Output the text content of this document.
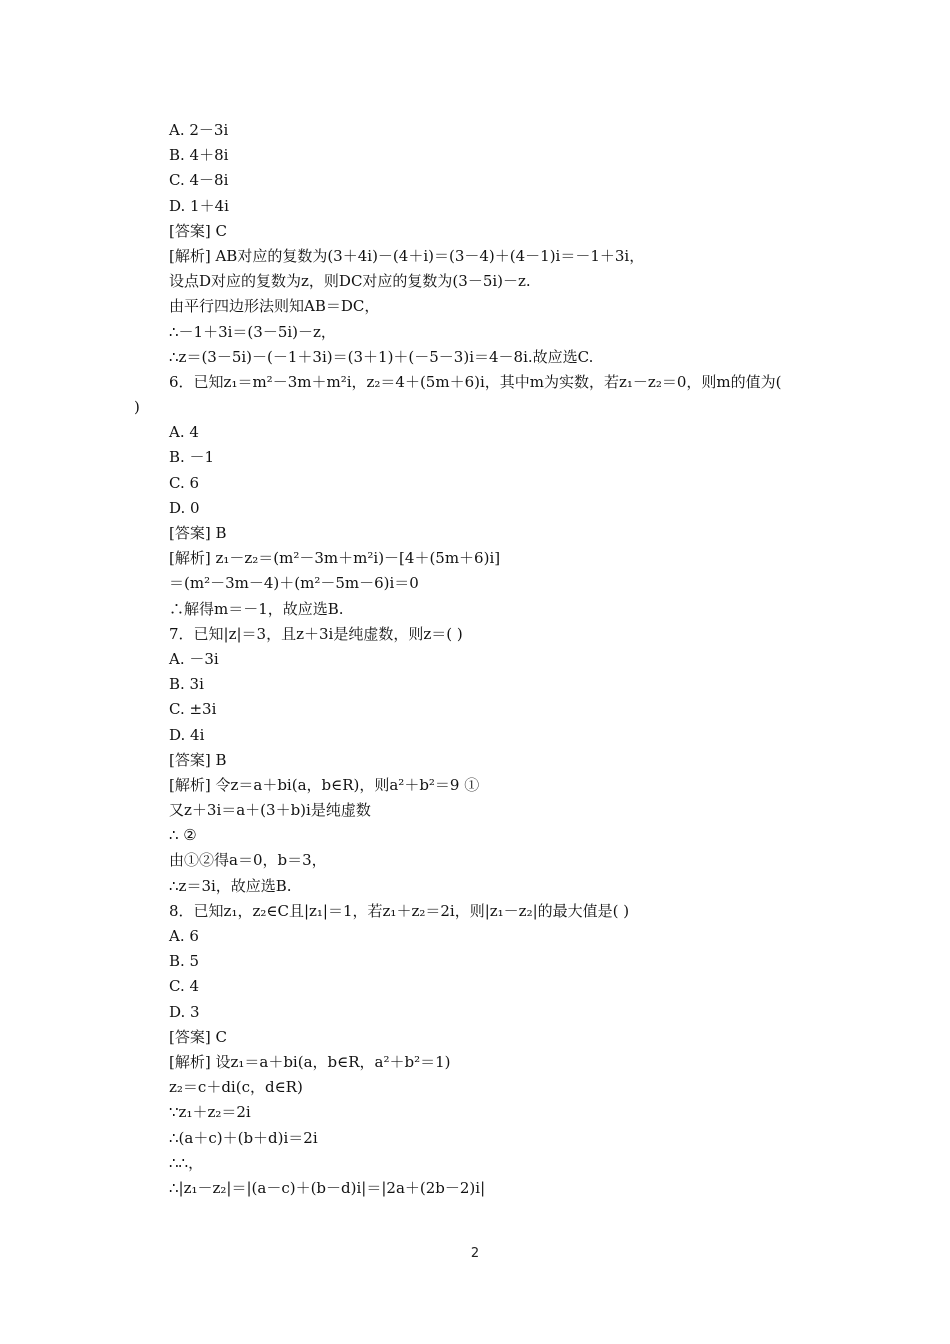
A. 2－3i
B. 4＋8i
C. 4－8i
D. 1＋4i
[答案] C
[解析] AB对应的复数为(3＋4i)－(4＋i)＝(3－4)＋(4－1)i＝－1＋3i，
设点D对应的复数为z，则DC对应的复数为(3－5i)－z.
由平行四边形法则知AB＝DC，
∴－1＋3i＝(3－5i)－z，
∴z＝(3－5i)－(－1＋3i)＝(3＋1)＋(－5－3)i＝4－8i.故应选C.
6．已知z₁＝m²－3m＋m²i，z₂＝4＋(5m＋6)i，其中m为实数，若z₁－z₂＝0，则m的值为(
)
A. 4
B. －1
C. 6
D. 0
[答案] B
[解析] z₁－z₂＝(m²－3m＋m²i)－[4＋(5m＋6)i]
＝(m²－3m－4)＋(m²－5m－6)i＝0
∴解得m＝－1，故应选B.
7．已知|z|＝3，且z＋3i是纯虚数，则z＝( )
A. －3i
B. 3i
C. ±3i
D. 4i
[答案] B
[解析] 令z＝a＋bi(a，b∈R)，则a²＋b²＝9 ①
又z＋3i＝a＋(3＋b)i是纯虚数
∴ ②
由①②得a＝0，b＝3，
∴z＝3i，故应选B.
8．已知z₁，z₂∈C且|z₁|＝1，若z₁＋z₂＝2i，则|z₁－z₂|的最大值是( )
A. 6
B. 5
C. 4
D. 3
[答案] C
[解析] 设z₁＝a＋bi(a，b∈R，a²＋b²＝1)
z₂＝c＋di(c，d∈R)
∵z₁＋z₂＝2i
∴(a＋c)＋(b＋d)i＝2i
∴∴，
∴|z₁－z₂|＝|(a－c)＋(b－d)i|＝|2a＋(2b－2)i|
2
